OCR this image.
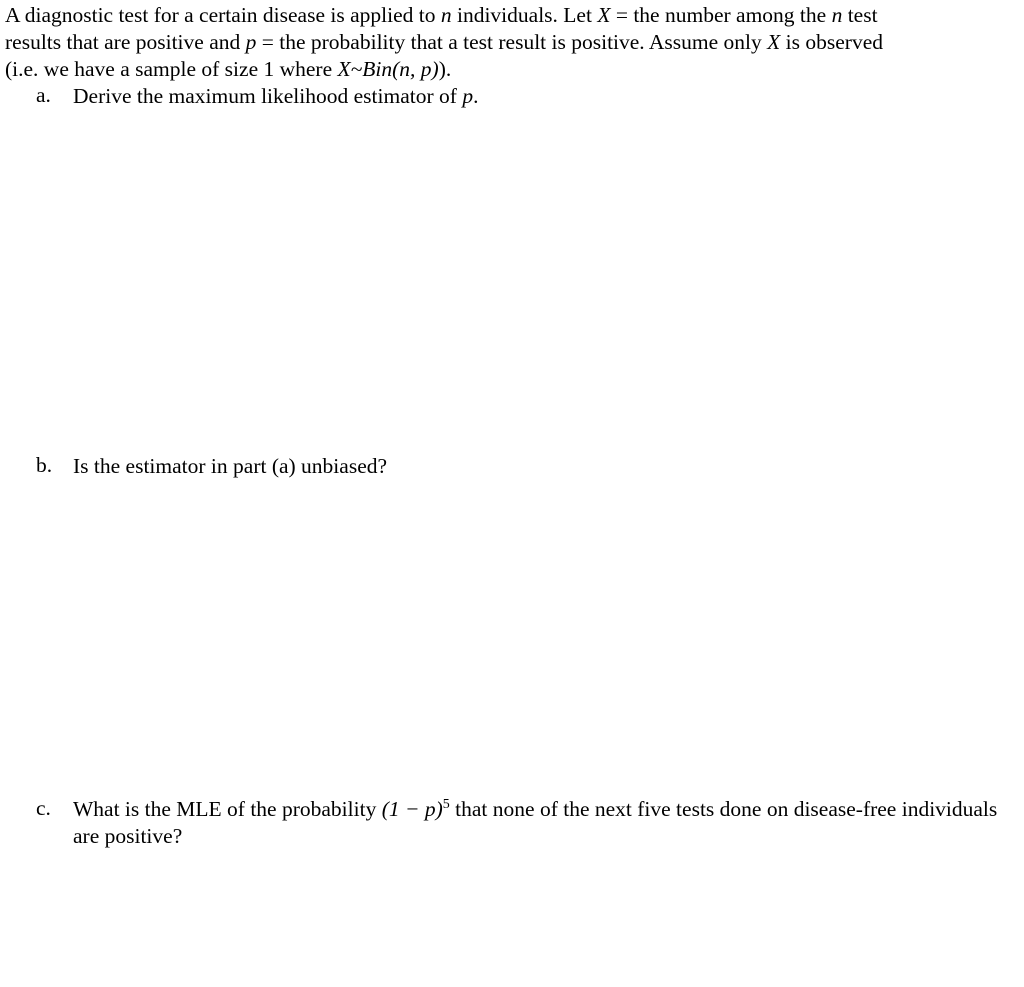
A diagnostic test for a certain disease is applied to n individuals. Let X = the number among the n test
results that are positive and p = the probability that a test result is positive. Assume only X is observed
(i.e. we have a sample of size 1 where X~Bin(n, p)).
a.	Derive the maximum likelihood estimator of p.
b. Is the estimator in part (a) unbiased?
c.	What is the MLE of the probability $(1 - p)^5$ that none of the next five tests done on disease-free individuals are positive?
